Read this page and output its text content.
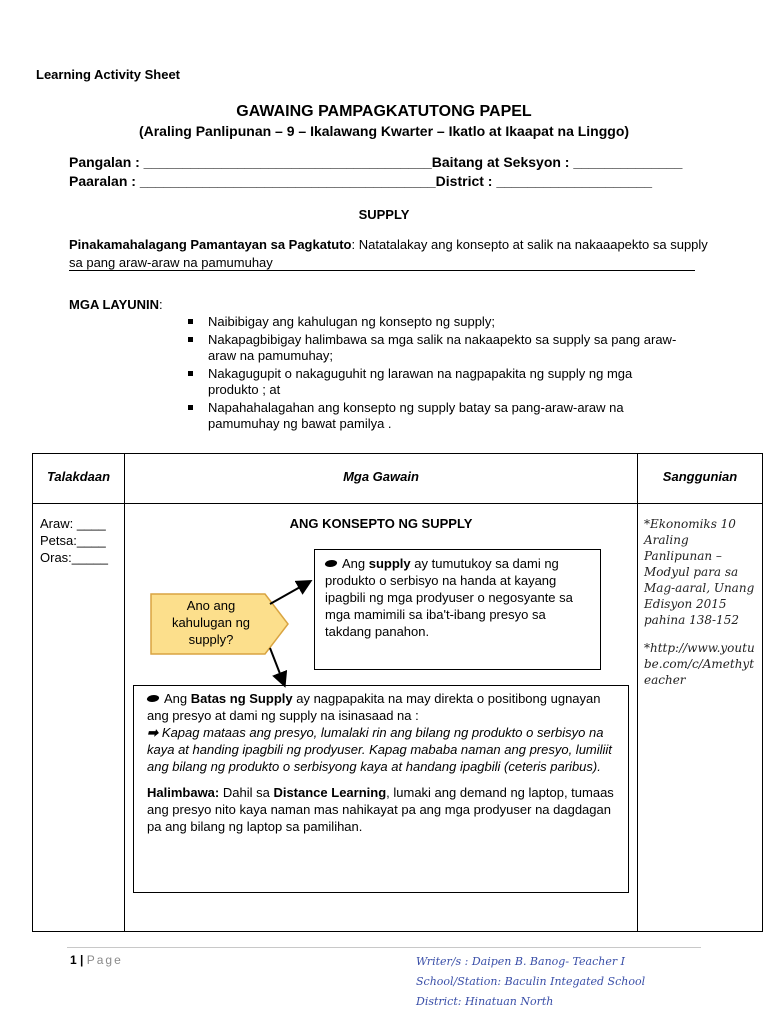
Learning Activity Sheet
GAWAING PAMPAGKATUTONG PAPEL
(Araling Panlipunan – 9 – Ikalawang Kwarter – Ikatlo at Ikaapat na Linggo)
Pangalan : _____________________________________Baitang at Seksyon : ______________
Paaralan : ______________________________________District : ____________________
SUPPLY
Pinakamahalagang Pamantayan sa Pagkatuto: Natatalakay ang konsepto at salik na nakaaapekto sa supply sa pang araw-araw na pamumuhay
MGA LAYUNIN:
Naibibigay ang kahulugan ng konsepto ng supply;
Nakapagbibigay halimbawa sa mga salik na nakaapekto sa supply sa pang araw-araw na pamumuhay;
Nakagugupit o nakaguguhit ng larawan na nagpapakita ng supply ng mga produkto ; at
Napahahalagahan ang konsepto ng supply batay sa pang-araw-araw na pamumuhay ng bawat pamilya .
Talakdaan	Mga Gawain	Sanggunian
Araw: ____
Petsa:____
Oras:_____
ANG KONSEPTO NG SUPPLY
Ano ang kahulugan ng supply?
Ang supply ay tumutukoy sa dami ng produkto o serbisyo na handa at kayang ipagbili ng mga prodyuser o negosyante sa mga mamimili sa iba't-ibang presyo sa takdang panahon.
Ang Batas ng Supply ay nagpapakita na may direkta o positibong ugnayan ang presyo at dami ng supply na isinasaad na :
➡ Kapag mataas ang presyo, lumalaki rin ang bilang ng produkto o serbisyo na kaya at handing ipagbili ng prodyuser. Kapag mababa naman ang presyo, lumiliit ang bilang ng produkto o serbisyong kaya at handang ipagbili (ceteris paribus).
Halimbawa: Dahil sa Distance Learning, lumaki ang demand ng laptop, tumaas ang presyo nito kaya naman mas nahikayat pa ang mga prodyuser na dagdagan pa ang bilang ng laptop sa pamilihan.
*Ekonomiks 10 Araling Panlipunan –Modyul para sa Mag-aaral, Unang Edisyon 2015 pahina 138-152
*http://www.youtube.com/c/Amethyteacher
1 | Page	Writer/s : Daipen B. Banog- Teacher I
School/Station: Baculin Integated School
District: Hinatuan North
